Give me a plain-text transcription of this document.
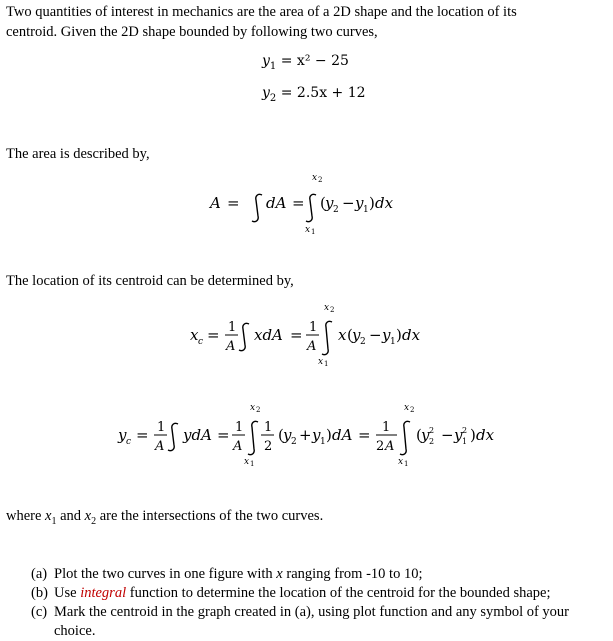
Two quantities of interest in mechanics are the area of a 2D shape and the location of its centroid. Given the 2D shape bounded by following two curves,
$y_1 = x^2 - 25$
$y_2 = 2.5x + 12$
The area is described by,
A = dA =
x 2
x 1
( y 2 − y 1 ) dx
x c = 1
A
xdA = 1
A
x 2
x 1
x ( y 2 − y 1 ) dx
y c = 1
A
ydA = 1
A
x 2
x 1
1
2
( y 2 + y 1 ) dA = 1
2 A
x 2
x 1
( y 2
2 − y 1
2 ) dx
The location of its centroid can be determined by,
where $x_1$ and $x_2$ are the intersections of the two curves.
(a) Plot the two curves in one figure with x ranging from -10 to 10;
(b) Use integral function to determine the location of the centroid for the bounded shape;
(c) Mark the centroid in the graph created in (a), using plot function and any symbol of your choice.
